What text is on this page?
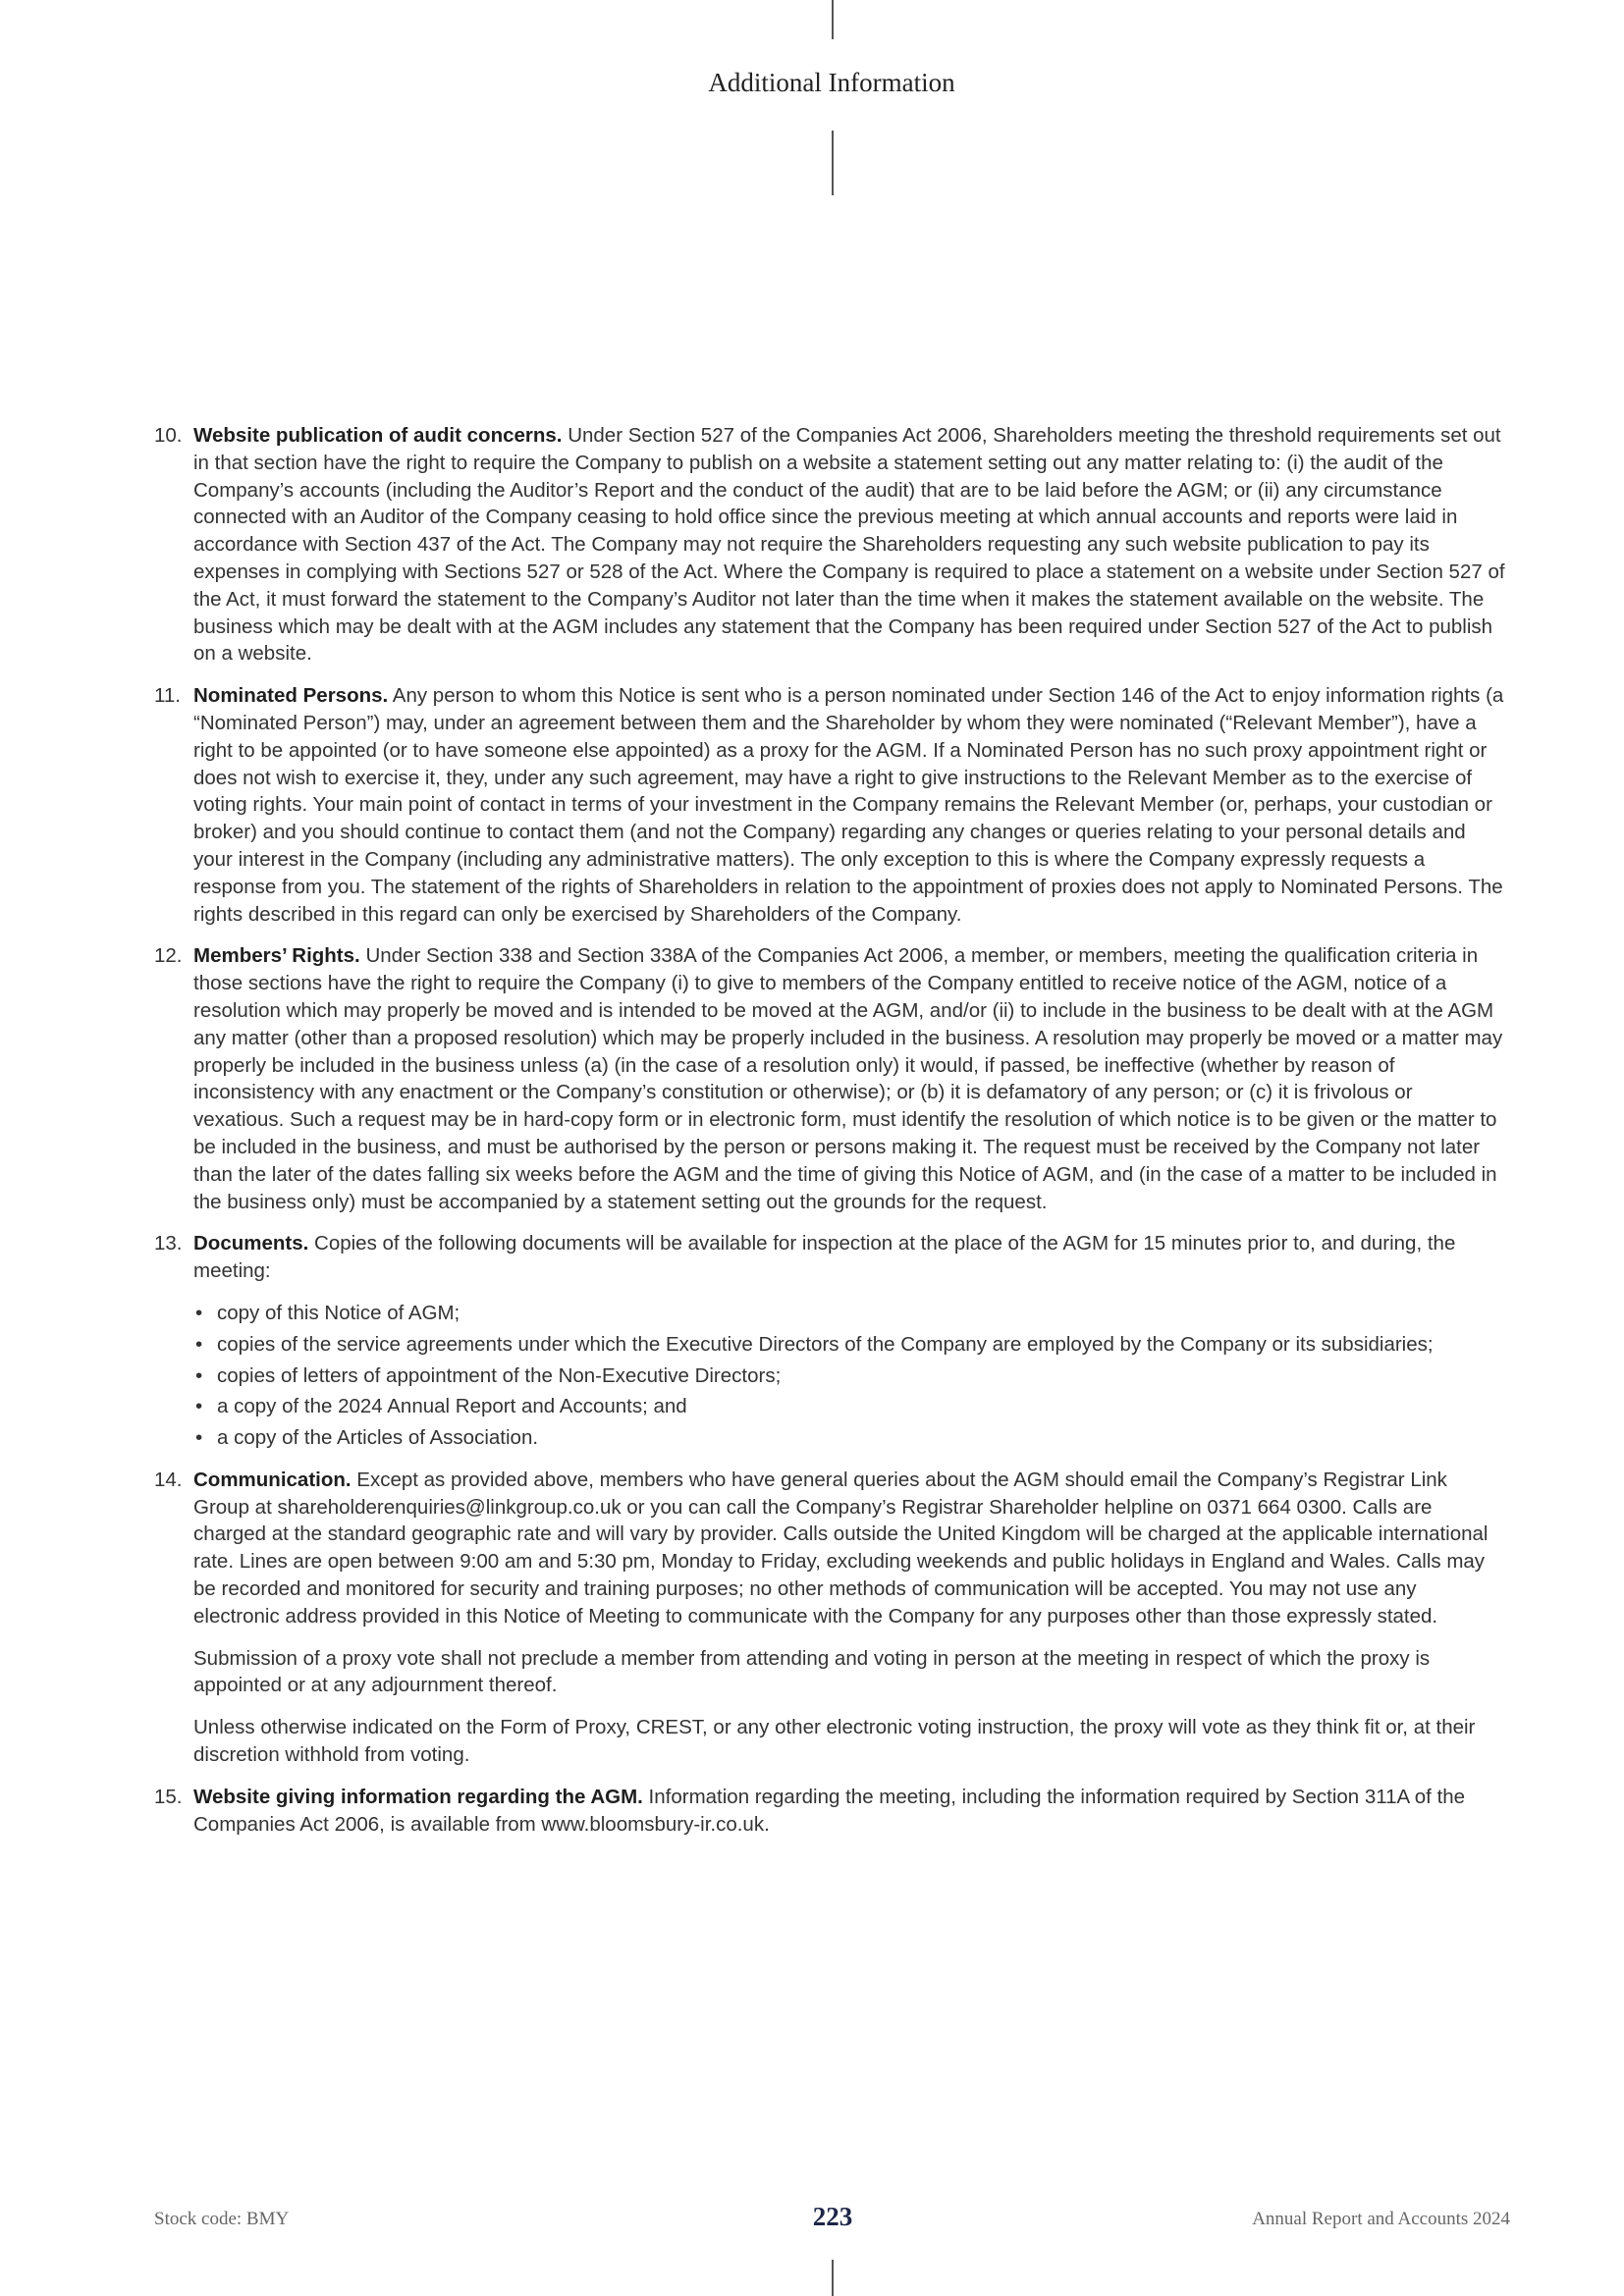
Additional Information
10. Website publication of audit concerns. Under Section 527 of the Companies Act 2006, Shareholders meeting the threshold requirements set out in that section have the right to require the Company to publish on a website a statement setting out any matter relating to: (i) the audit of the Company’s accounts (including the Auditor’s Report and the conduct of the audit) that are to be laid before the AGM; or (ii) any circumstance connected with an Auditor of the Company ceasing to hold office since the previous meeting at which annual accounts and reports were laid in accordance with Section 437 of the Act. The Company may not require the Shareholders requesting any such website publication to pay its expenses in complying with Sections 527 or 528 of the Act. Where the Company is required to place a statement on a website under Section 527 of the Act, it must forward the statement to the Company’s Auditor not later than the time when it makes the statement available on the website. The business which may be dealt with at the AGM includes any statement that the Company has been required under Section 527 of the Act to publish on a website.

11. Nominated Persons. Any person to whom this Notice is sent who is a person nominated under Section 146 of the Act to enjoy information rights (a “Nominated Person”) may, under an agreement between them and the Shareholder by whom they were nominated (“Relevant Member”), have a right to be appointed (or to have someone else appointed) as a proxy for the AGM. If a Nominated Person has no such proxy appointment right or does not wish to exercise it, they, under any such agreement, may have a right to give instructions to the Relevant Member as to the exercise of voting rights. Your main point of contact in terms of your investment in the Company remains the Relevant Member (or, perhaps, your custodian or broker) and you should continue to contact them (and not the Company) regarding any changes or queries relating to your personal details and your interest in the Company (including any administrative matters). The only exception to this is where the Company expressly requests a response from you. The statement of the rights of Shareholders in relation to the appointment of proxies does not apply to Nominated Persons. The rights described in this regard can only be exercised by Shareholders of the Company.

12. Members’ Rights. Under Section 338 and Section 338A of the Companies Act 2006, a member, or members, meeting the qualification criteria in those sections have the right to require the Company (i) to give to members of the Company entitled to receive notice of the AGM, notice of a resolution which may properly be moved and is intended to be moved at the AGM, and/or (ii) to include in the business to be dealt with at the AGM any matter (other than a proposed resolution) which may be properly included in the business. A resolution may properly be moved or a matter may properly be included in the business unless (a) (in the case of a resolution only) it would, if passed, be ineffective (whether by reason of inconsistency with any enactment or the Company’s constitution or otherwise); or (b) it is defamatory of any person; or (c) it is frivolous or vexatious. Such a request may be in hard-copy form or in electronic form, must identify the resolution of which notice is to be given or the matter to be included in the business, and must be authorised by the person or persons making it. The request must be received by the Company not later than the later of the dates falling six weeks before the AGM and the time of giving this Notice of AGM, and (in the case of a matter to be included in the business only) must be accompanied by a statement setting out the grounds for the request.

13. Documents. Copies of the following documents will be available for inspection at the place of the AGM for 15 minutes prior to, and during, the meeting:

• copy of this Notice of AGM;
• copies of the service agreements under which the Executive Directors of the Company are employed by the Company or its subsidiaries;
• copies of letters of appointment of the Non-Executive Directors;
• a copy of the 2024 Annual Report and Accounts; and
• a copy of the Articles of Association.
14. Communication. Except as provided above, members who have general queries about the AGM should email the Company’s Registrar Link Group at shareholderenquiries@linkgroup.co.uk or you can call the Company’s Registrar Shareholder helpline on 0371 664 0300. Calls are charged at the standard geographic rate and will vary by provider. Calls outside the United Kingdom will be charged at the applicable international rate. Lines are open between 9:00 am and 5:30 pm, Monday to Friday, excluding weekends and public holidays in England and Wales. Calls may be recorded and monitored for security and training purposes; no other methods of communication will be accepted. You may not use any electronic address provided in this Notice of Meeting to communicate with the Company for any purposes other than those expressly stated.

Submission of a proxy vote shall not preclude a member from attending and voting in person at the meeting in respect of which the proxy is appointed or at any adjournment thereof.

Unless otherwise indicated on the Form of Proxy, CREST, or any other electronic voting instruction, the proxy will vote as they think fit or, at their discretion withhold from voting.

15. Website giving information regarding the AGM. Information regarding the meeting, including the information required by Section 311A of the Companies Act 2006, is available from www.bloomsbury-ir.co.uk.

Stock code: BMY	223	Annual Report and Accounts 2024
